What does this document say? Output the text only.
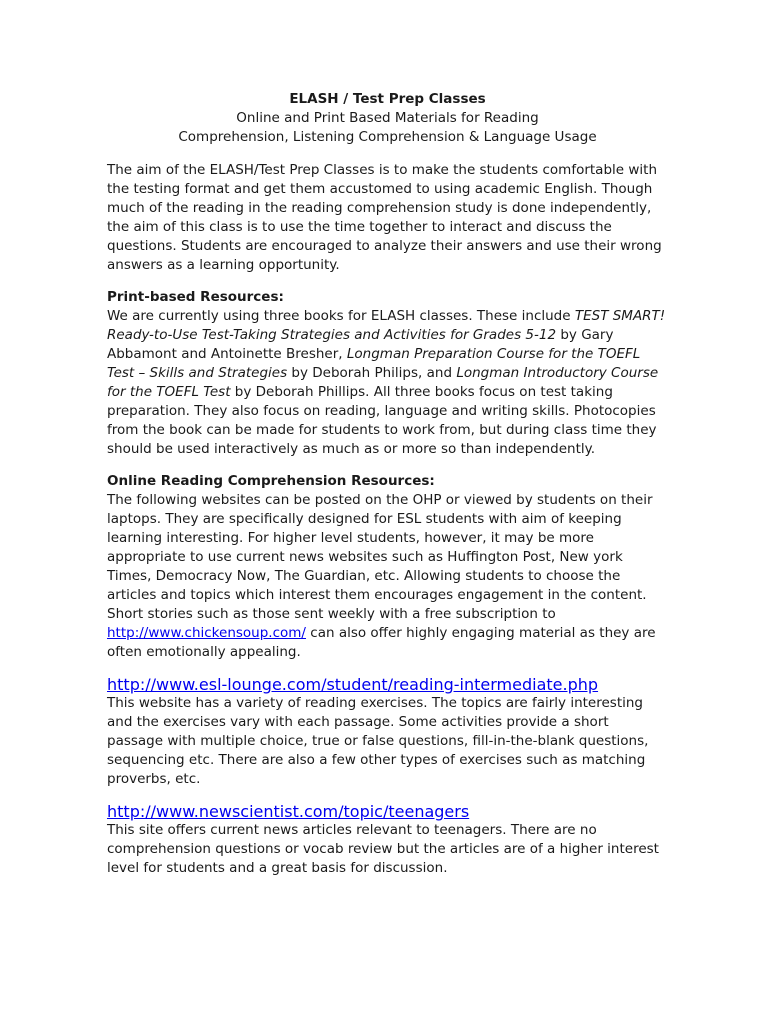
ELASH / Test Prep Classes
Online and Print Based Materials for Reading
Comprehension, Listening Comprehension & Language Usage

The aim of the ELASH/Test Prep Classes is to make the students comfortable with the testing format and get them accustomed to using academic English. Though much of the reading in the reading comprehension study is done independently, the aim of this class is to use the time together to interact and discuss the questions. Students are encouraged to analyze their answers and use their wrong answers as a learning opportunity.

Print-based Resources:

We are currently using three books for ELASH classes. These include TEST SMART! Ready-to-Use Test-Taking Strategies and Activities for Grades 5-12 by Gary Abbamont and Antoinette Bresher, Longman Preparation Course for the TOEFL Test – Skills and Strategies by Deborah Philips, and Longman Introductory Course for the TOEFL Test by Deborah Phillips. All three books focus on test taking preparation. They also focus on reading, language and writing skills. Photocopies from the book can be made for students to work from, but during class time they should be used interactively as much as or more so than independently.

Online Reading Comprehension Resources:

The following websites can be posted on the OHP or viewed by students on their laptops. They are specifically designed for ESL students with aim of keeping learning interesting. For higher level students, however, it may be more appropriate to use current news websites such as Huffington Post, New york Times, Democracy Now, The Guardian, etc. Allowing students to choose the articles and topics which interest them encourages engagement in the content. Short stories such as those sent weekly with a free subscription to http://www.chickensoup.com/ can also offer highly engaging material as they are often emotionally appealing.

http://www.esl-lounge.com/student/reading-intermediate.php

This website has a variety of reading exercises. The topics are fairly interesting and the exercises vary with each passage. Some activities provide a short passage with multiple choice, true or false questions, fill-in-the-blank questions, sequencing etc. There are also a few other types of exercises such as matching proverbs, etc.

http://www.newscientist.com/topic/teenagers

This site offers current news articles relevant to teenagers. There are no comprehension questions or vocab review but the articles are of a higher interest level for students and a great basis for discussion.
